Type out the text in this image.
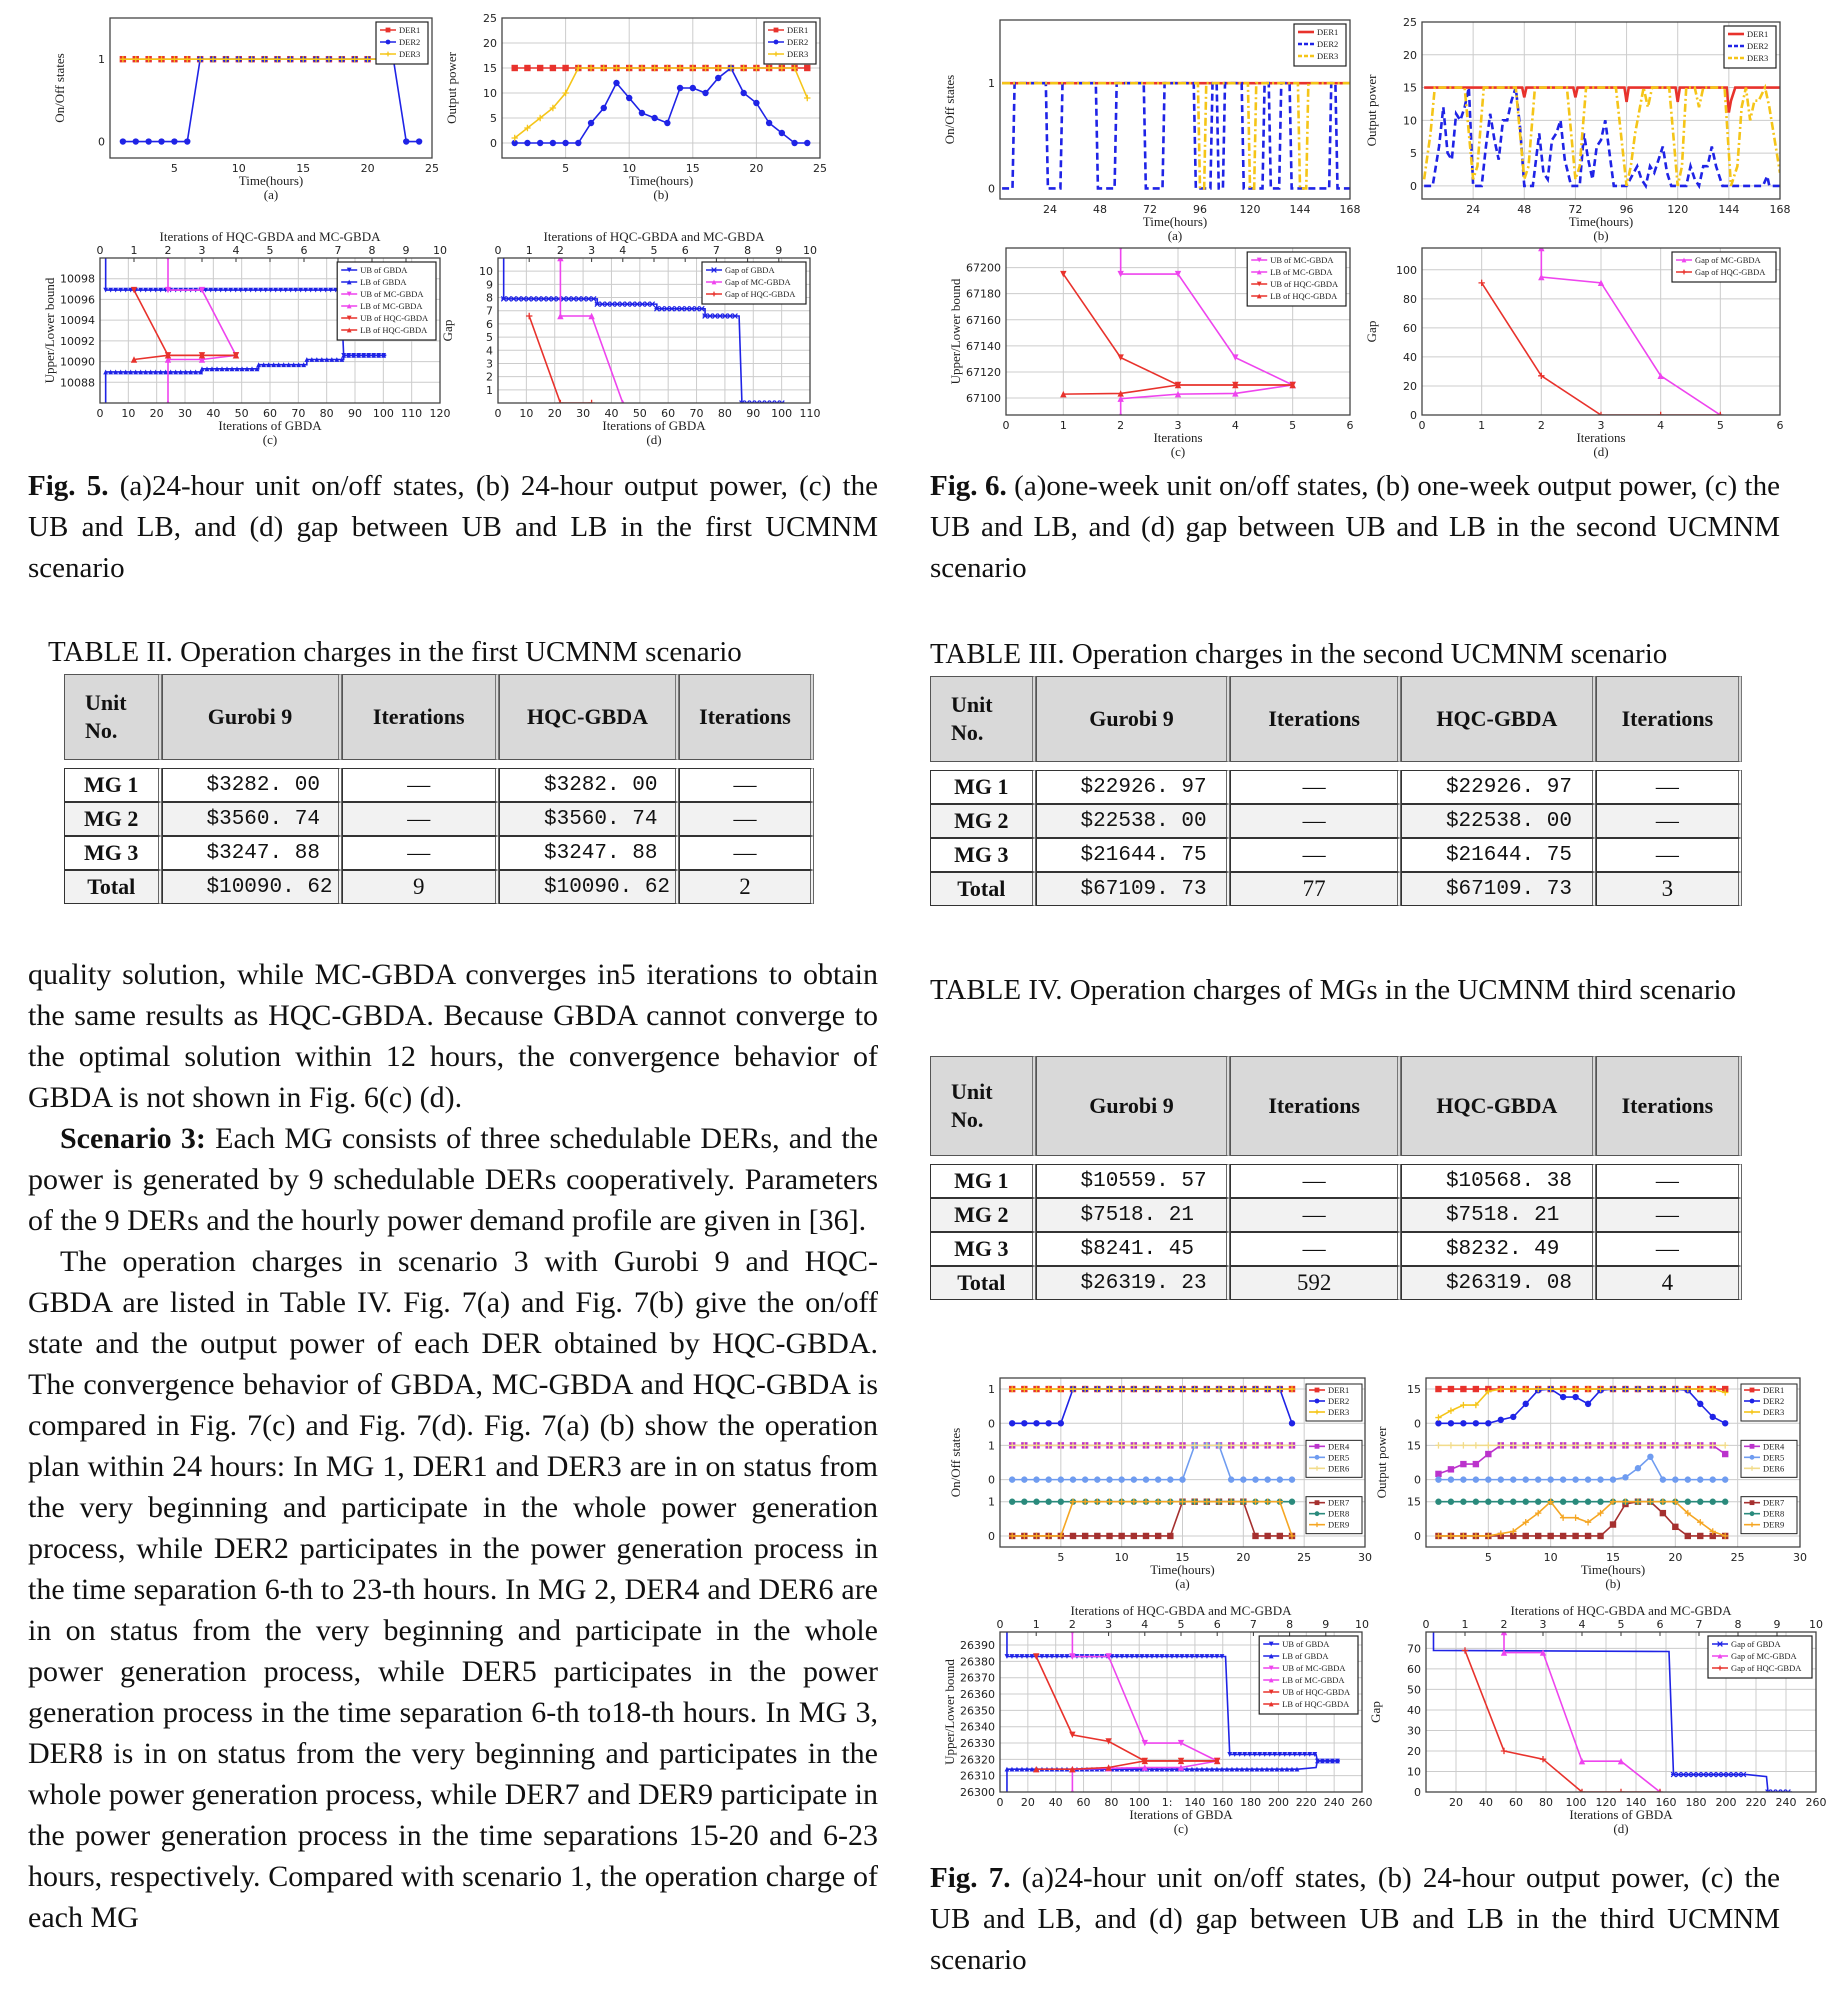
0
1
5	10	15	20	25
DER1
DER2
DER3
Time(hours)
(a)
On/Off states
0
5
10
15
20
25
5	10	15	20	25
DER1
DER2
DER3
Time(hours)
(b)
Output power
10088
10090
10092
10094
10096
10098
0 10 20 30 40 50 60 70 80 90 100 110 120
0 1 2 3 4 5 6 7 8 9 10
Iterations of HQC-GBDA and MC-GBDA
UB of GBDA
LB of GBDA
UB of MC-GBDA
LB of MC-GBDA
UB of HQC-GBDA
LB of HQC-GBDA
Iterations of GBDA
(c)
Upper/Lower bound
1
2
3
4
5
6
7
8
9
10
0 10 20 30 40 50 60 70 80 90 100 110
0 1 2 3 4 5 6 7 8 9 10
Iterations of HQC-GBDA and MC-GBDA
Gap of GBDA
Gap of MC-GBDA
Gap of HQC-GBDA
Iterations of GBDA
(d)
Gap
0
1
24	48	72	96	120	144	168
DER1
DER2
DER3
Time(hours)
(a)
On/Off states
0
5
10
15
20
25
24	48	72	96	120	144	168
DER1
DER2
DER3
Time(hours)
(b)
Output power
67100
67120
67140
67160
67180
67200
0	1	2	3	4	5	6
UB of MC-GBDA
LB of MC-GBDA
UB of HQC-GBDA
LB of HQC-GBDA
Iterations
(c)
Upper/Lower bound
0
20
40
60
80
100
0	1	2	3	4	5	6
Gap of MC-GBDA
Gap of HQC-GBDA
Iterations
(d)
Gap
5	10	15	20	25	30
0
1	DER1
DER2
DER3
0
1	DER4
DER5
DER6
0
1	DER7
DER8
DER9
Time(hours)
(a)
On/Off states
5	10	15	20	25	30
0
15	DER1
DER2
DER3
0
15	DER4
DER5
DER6
0
15	DER7
DER8
DER9
Time(hours)
(b)
Output power
26300
26310
26320
26330
26340
26350
26360
26370
26380
26390
0 20 40 60 80 100 1: 140 160 180 200 220 240 260
0	1	2	3	4	5	6	7	8	9 10
Iterations of HQC-GBDA and MC-GBDA
UB of GBDA
LB of GBDA
UB of MC-GBDA
LB of MC-GBDA
UB of HQC-GBDA
LB of HQC-GBDA
Iterations of GBDA
(c)
Upper/Lower bound
0
10
20
30
40
50
60
70
20 40 60 80 100 120 140 160 180 200 220 240 260
0	1	2	3	4	5	6	7	8	9	10
Iterations of HQC-GBDA and MC-GBDA
Gap of GBDA
Gap of MC-GBDA
Gap of HQC-GBDA
Iterations of GBDA
(d)
Gap
Fig. 5. (a)24-hour unit on/off states, (b) 24-hour output power, (c) the UB and LB, and (d) gap between UB and LB in the first UCMNM scenario
Fig. 6. (a)one-week unit on/off states, (b) one-week output power, (c) the UB and LB, and (d) gap between UB and LB in the second UCMNM scenario
Fig. 7. (a)24-hour unit on/off states, (b) 24-hour output power, (c) the UB and LB, and (d) gap between UB and LB in the third UCMNM scenario
TABLE II. Operation charges in the first UCMNM scenario
Unit No.	Gurobi 9	Iterations	HQC-GBDA	Iterations

MG 1	$3282. 00	—	$3282. 00	—
MG 2	$3560. 74	—	$3560. 74	—
MG 3	$3247. 88	—	$3247. 88	—
Total	$10090. 62	9	$10090. 62	2
TABLE III. Operation charges in the second UCMNM scenario
Unit No.	Gurobi 9	Iterations	HQC-GBDA	Iterations

MG 1	$22926. 97	—	$22926. 97	—
MG 2	$22538. 00	—	$22538. 00	—
MG 3	$21644. 75	—	$21644. 75	—
Total	$67109. 73	77	$67109. 73	3
TABLE IV. Operation charges of MGs in the UCMNM third scenario
Unit No.	Gurobi 9	Iterations	HQC-GBDA	Iterations

MG 1	$10559. 57	—	$10568. 38	—
MG 2	$7518. 21	—	$7518. 21	—
MG 3	$8241. 45	—	$8232. 49	—
Total	$26319. 23	592	$26319. 08	4

quality solution, while MC-GBDA converges in5 iterations to obtain the same results as HQC-GBDA. Because GBDA cannot converge to the optimal solution within 12 hours, the convergence behavior of GBDA is not shown in Fig. 6(c) (d).

Scenario 3: Each MG consists of three schedulable DERs, and the power is generated by 9 schedulable DERs cooperatively. Parameters of the 9 DERs and the hourly power demand profile are given in [36].

The operation charges in scenario 3 with Gurobi 9 and HQC-GBDA are listed in Table IV. Fig. 7(a) and Fig. 7(b) give the on/off state and the output power of each DER obtained by HQC-GBDA. The convergence behavior of GBDA, MC-GBDA and HQC-GBDA is compared in Fig. 7(c) and Fig. 7(d). Fig. 7(a) (b) show the operation plan within 24 hours: In MG 1, DER1 and DER3 are in on status from the very beginning and participate in the whole power generation process, while DER2 participates in the power generation process in the time separation 6-th to 23-th hours. In MG 2, DER4 and DER6 are in on status from the very beginning and participate in the whole power generation process, while DER5 participates in the power generation process in the time separation 6-th to18-th hours. In MG 3, DER8 is in on status from the very beginning and participates in the whole power generation process, while DER7 and DER9 participate in the power generation process in the time separations 15-20 and 6-23 hours, respectively. Compared with scenario 1, the operation charge of each MG
